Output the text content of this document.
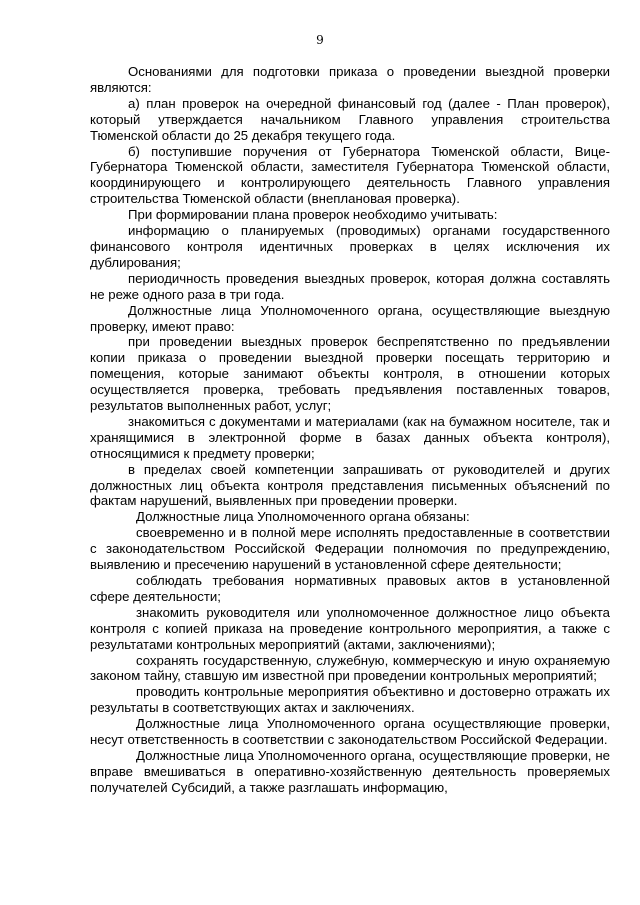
9

Основаниями для подготовки приказа о проведении выездной проверки являются:

а) план проверок на очередной финансовый год (далее - План проверок), который утверждается начальником Главного управления строительства Тюменской области до 25 декабря текущего года.

б) поступившие поручения от Губернатора Тюменской области, Вице-Губернатора Тюменской области, заместителя Губернатора Тюменской области, координирующего и контролирующего деятельность Главного управления строительства Тюменской области (внеплановая проверка).

При формировании плана проверок необходимо учитывать:

информацию о планируемых (проводимых) органами государственного финансового контроля идентичных проверках в целях исключения их дублирования;

периодичность проведения выездных проверок, которая должна составлять не реже одного раза в три года.

Должностные лица Уполномоченного органа, осуществляющие выездную проверку, имеют право:

при проведении выездных проверок беспрепятственно по предъявлении копии приказа о проведении выездной проверки посещать территорию и помещения, которые занимают объекты контроля, в отношении которых осуществляется проверка, требовать предъявления поставленных товаров, результатов выполненных работ, услуг;

знакомиться с документами и материалами (как на бумажном носителе, так и хранящимися в электронной форме в базах данных объекта контроля), относящимися к предмету проверки;

в пределах своей компетенции запрашивать от руководителей и других должностных лиц объекта контроля представления письменных объяснений по фактам нарушений, выявленных при проведении проверки.

Должностные лица Уполномоченного органа обязаны:

своевременно и в полной мере исполнять предоставленные в соответствии с законодательством Российской Федерации полномочия по предупреждению, выявлению и пресечению нарушений в установленной сфере деятельности;

соблюдать требования нормативных правовых актов в установленной сфере деятельности;

знакомить руководителя или уполномоченное должностное лицо объекта контроля с копией приказа на проведение контрольного мероприятия, а также с результатами контрольных мероприятий (актами, заключениями);

сохранять государственную, служебную, коммерческую и иную охраняемую законом тайну, ставшую им известной при проведении контрольных мероприятий;

проводить контрольные мероприятия объективно и достоверно отражать их результаты в соответствующих актах и заключениях.

Должностные лица Уполномоченного органа осуществляющие проверки, несут ответственность в соответствии с законодательством Российской Федерации.

Должностные лица Уполномоченного органа, осуществляющие проверки, не вправе вмешиваться в оперативно-хозяйственную деятельность проверяемых получателей Субсидий, а также разглашать информацию,
